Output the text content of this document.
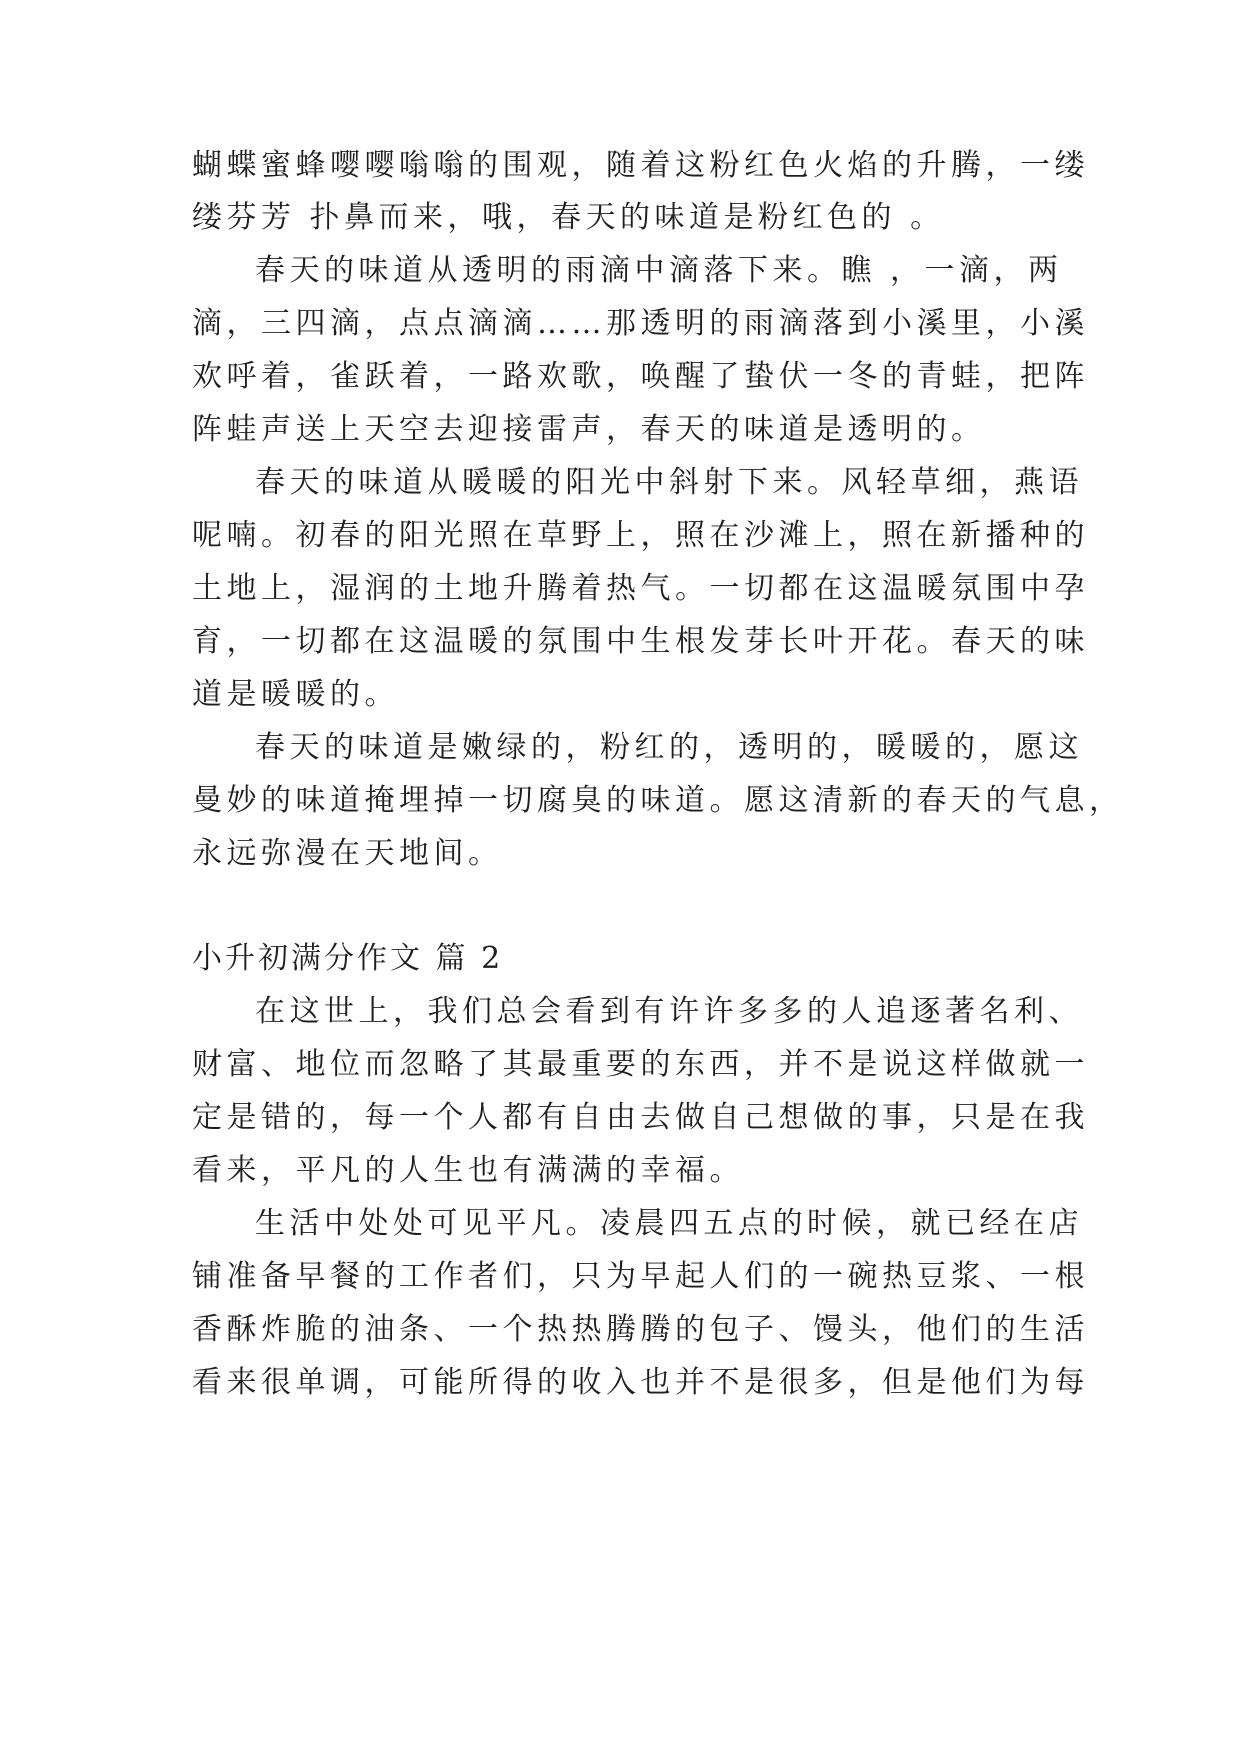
蝴蝶蜜蜂嘤嘤嗡嗡的围观，随着这粉红色火焰的升腾，一缕
缕芬芳 扑鼻而来，哦，春天的味道是粉红色的 。
春天的味道从透明的雨滴中滴落下来。瞧 ，一滴，两
滴，三四滴，点点滴滴……那透明的雨滴落到小溪里，小溪
欢呼着，雀跃着，一路欢歌，唤醒了蛰伏一冬的青蛙，把阵
阵蛙声送上天空去迎接雷声，春天的味道是透明的。
春天的味道从暖暖的阳光中斜射下来。风轻草细，燕语
呢喃。初春的阳光照在草野上，照在沙滩上，照在新播种的
土地上，湿润的土地升腾着热气。一切都在这温暖氛围中孕
育，一切都在这温暖的氛围中生根发芽长叶开花。春天的味
道是暖暖的。
春天的味道是嫩绿的，粉红的，透明的，暖暖的，愿这
曼妙的味道掩埋掉一切腐臭的味道。愿这清新的春天的气息，
永远弥漫在天地间。
小升初满分作文 篇 2
在这世上，我们总会看到有许许多多的人追逐著名利、
财富、地位而忽略了其最重要的东西，并不是说这样做就一
定是错的，每一个人都有自由去做自己想做的事，只是在我
看来，平凡的人生也有满满的幸福。
生活中处处可见平凡。凌晨四五点的时候，就已经在店
铺准备早餐的工作者们，只为早起人们的一碗热豆浆、一根
香酥炸脆的油条、一个热热腾腾的包子、馒头，他们的生活
看来很单调，可能所得的收入也并不是很多，但是他们为每
